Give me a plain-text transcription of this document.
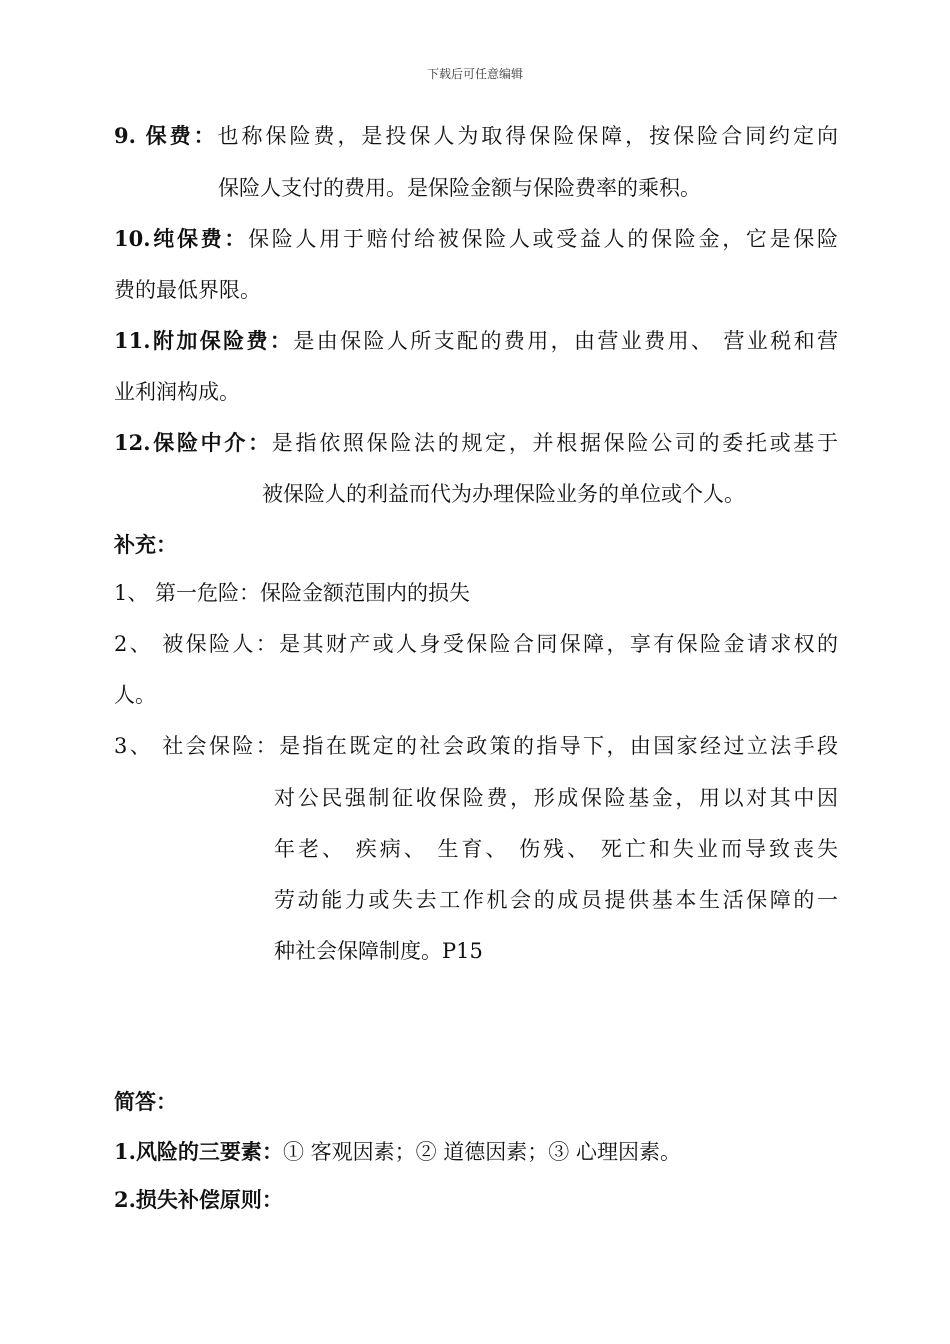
下载后可任意编辑
9. 保费：也称保险费，是投保人为取得保险保障，按保险合同约定向
保险人支付的费用。是保险金额与保险费率的乘积。
10.纯保费：保险人用于赔付给被保险人或受益人的保险金，它是保险
费的最低界限。
11.附加保险费：是由保险人所支配的费用，由营业费用、 营业税和营
业利润构成。
12.保险中介：是指依照保险法的规定，并根据保险公司的委托或基于
被保险人的利益而代为办理保险业务的单位或个人。
补充：
1、 第一危险：保险金额范围内的损失
2、 被保险人：是其财产或人身受保险合同保障，享有保险金请求权的
人。
3、 社会保险：是指在既定的社会政策的指导下，由国家经过立法手段
对公民强制征收保险费，形成保险基金，用以对其中因
年老、 疾病、 生育、 伤残、 死亡和失业而导致丧失
劳动能力或失去工作机会的成员提供基本生活保障的一
种社会保障制度。P15
简答：
1.风险的三要素：① 客观因素；② 道德因素；③ 心理因素。
2.损失补偿原则：
